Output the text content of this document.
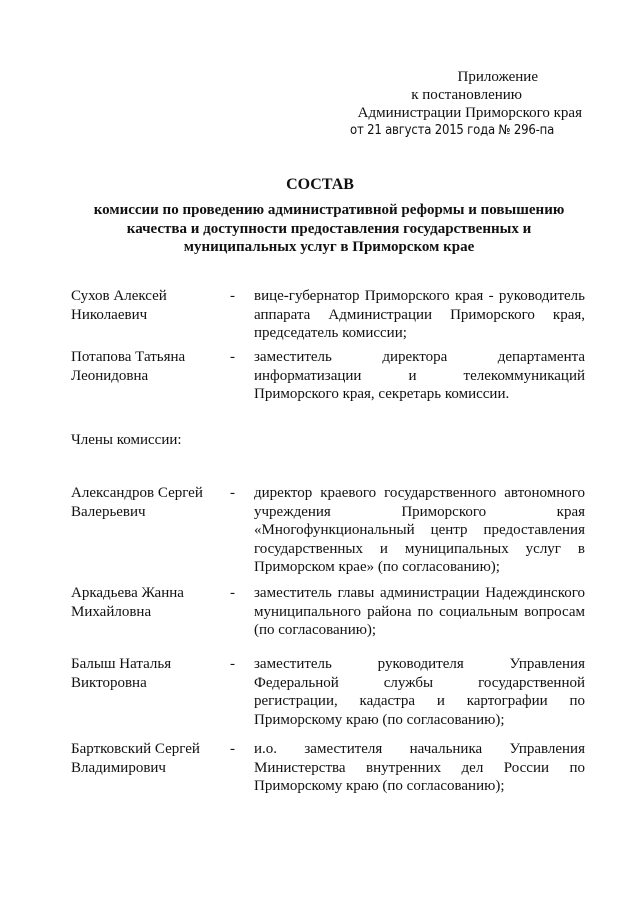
Приложение
к постановлению
Администрации Приморского края
от 21 августа 2015 года № 296-па
СОСТАВ
комиссии по проведению административной реформы и повышению качества и доступности предоставления государственных и муниципальных услуг в Приморском крае
Сухов Алексей Николаевич
- вице-губернатор Приморского края - руководитель аппарата Администрации Приморского края, председатель комиссии;
Потапова Татьяна Леонидовна
- заместитель директора департамента информатизации и телекоммуникаций Приморского края, секретарь комиссии.
Члены комиссии:
Александров Сергей Валерьевич
- директор краевого государственного автономного учреждения Приморского края «Многофункциональный центр предоставления государственных и муниципальных услуг в Приморском крае» (по согласованию);
Аркадьева Жанна Михайловна
- заместитель главы администрации Надеждинского муниципального района по социальным вопросам (по согласованию);
Балыш Наталья Викторовна
- заместитель руководителя Управления Федеральной службы государственной регистрации, кадастра и картографии по Приморскому краю (по согласованию);
Бартковский Сергей Владимирович
- и.о. заместителя начальника Управления Министерства внутренних дел России по Приморскому краю (по согласованию);
